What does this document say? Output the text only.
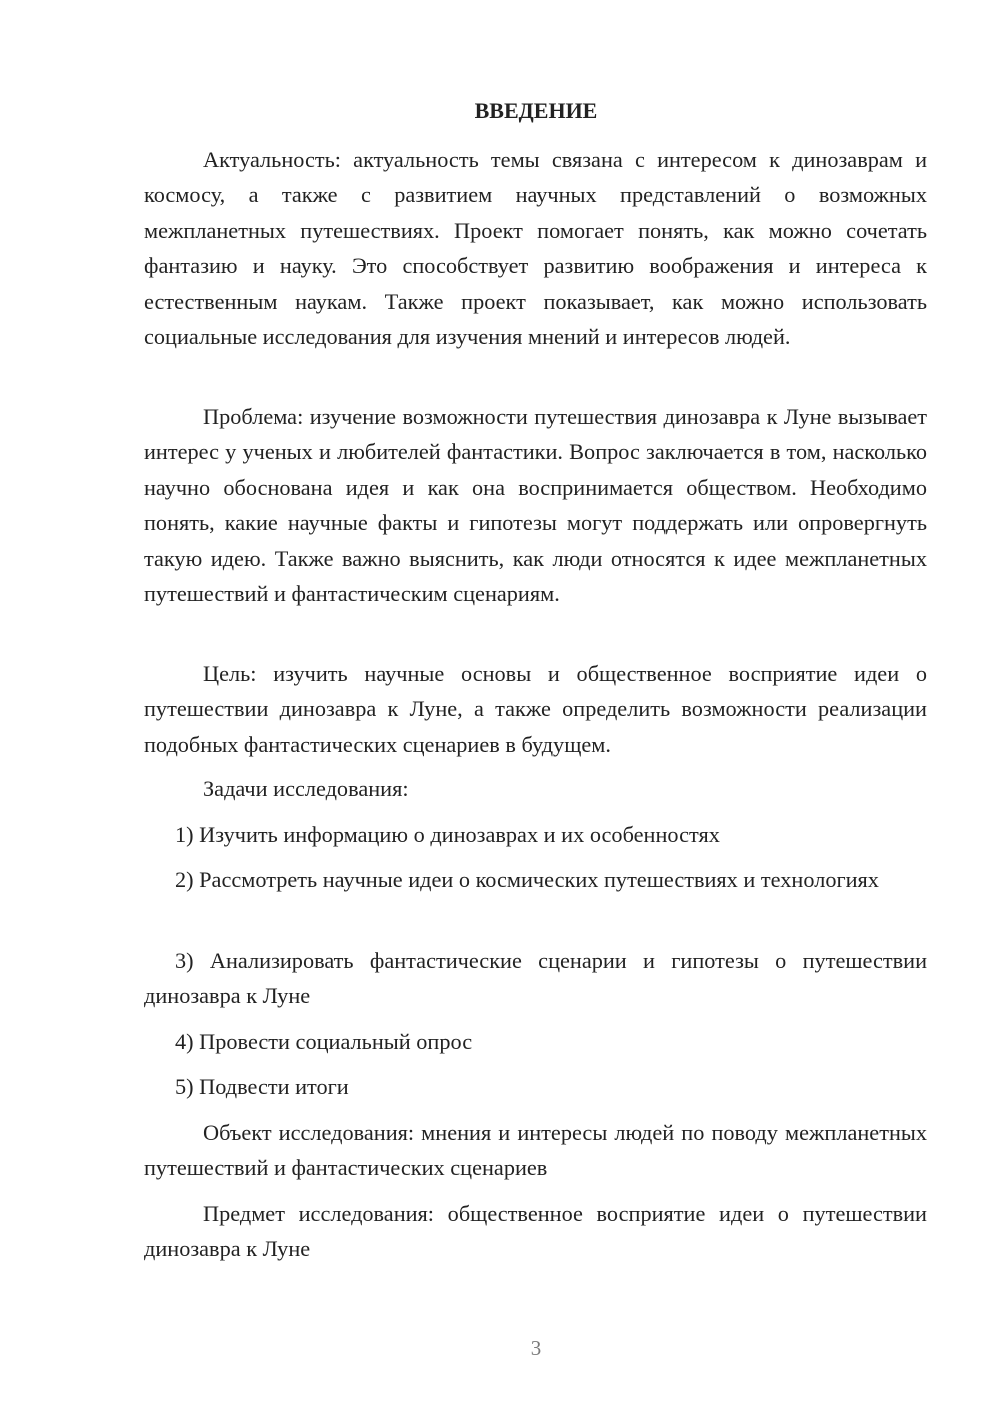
ВВЕДЕНИЕ

Актуальность: актуальность темы связана с интересом к динозаврам и космосу, а также с развитием научных представлений о возможных межпланетных путешествиях. Проект помогает понять, как можно сочетать фантазию и науку. Это способствует развитию воображения и интереса к естественным наукам. Также проект показывает, как можно использовать социальные исследования для изучения мнений и интересов людей.

Проблема: изучение возможности путешествия динозавра к Луне вызывает интерес у ученых и любителей фантастики. Вопрос заключается в том, насколько научно обоснована идея и как она воспринимается обществом. Необходимо понять, какие научные факты и гипотезы могут поддержать или опровергнуть такую идею. Также важно выяснить, как люди относятся к идее межпланетных путешествий и фантастическим сценариям.

Цель: изучить научные основы и общественное восприятие идеи о путешествии динозавра к Луне, а также определить возможности реализации подобных фантастических сценариев в будущем.

Задачи исследования:

1) Изучить информацию о динозаврах и их особенностях

2) Рассмотреть научные идеи о космических путешествиях и технологиях

3) Анализировать фантастические сценарии и гипотезы о путешествии динозавра к Луне

4) Провести социальный опрос

5) Подвести итоги

Объект исследования: мнения и интересы людей по поводу межпланетных путешествий и фантастических сценариев

Предмет исследования: общественное восприятие идеи о путешествии динозавра к Луне

3
